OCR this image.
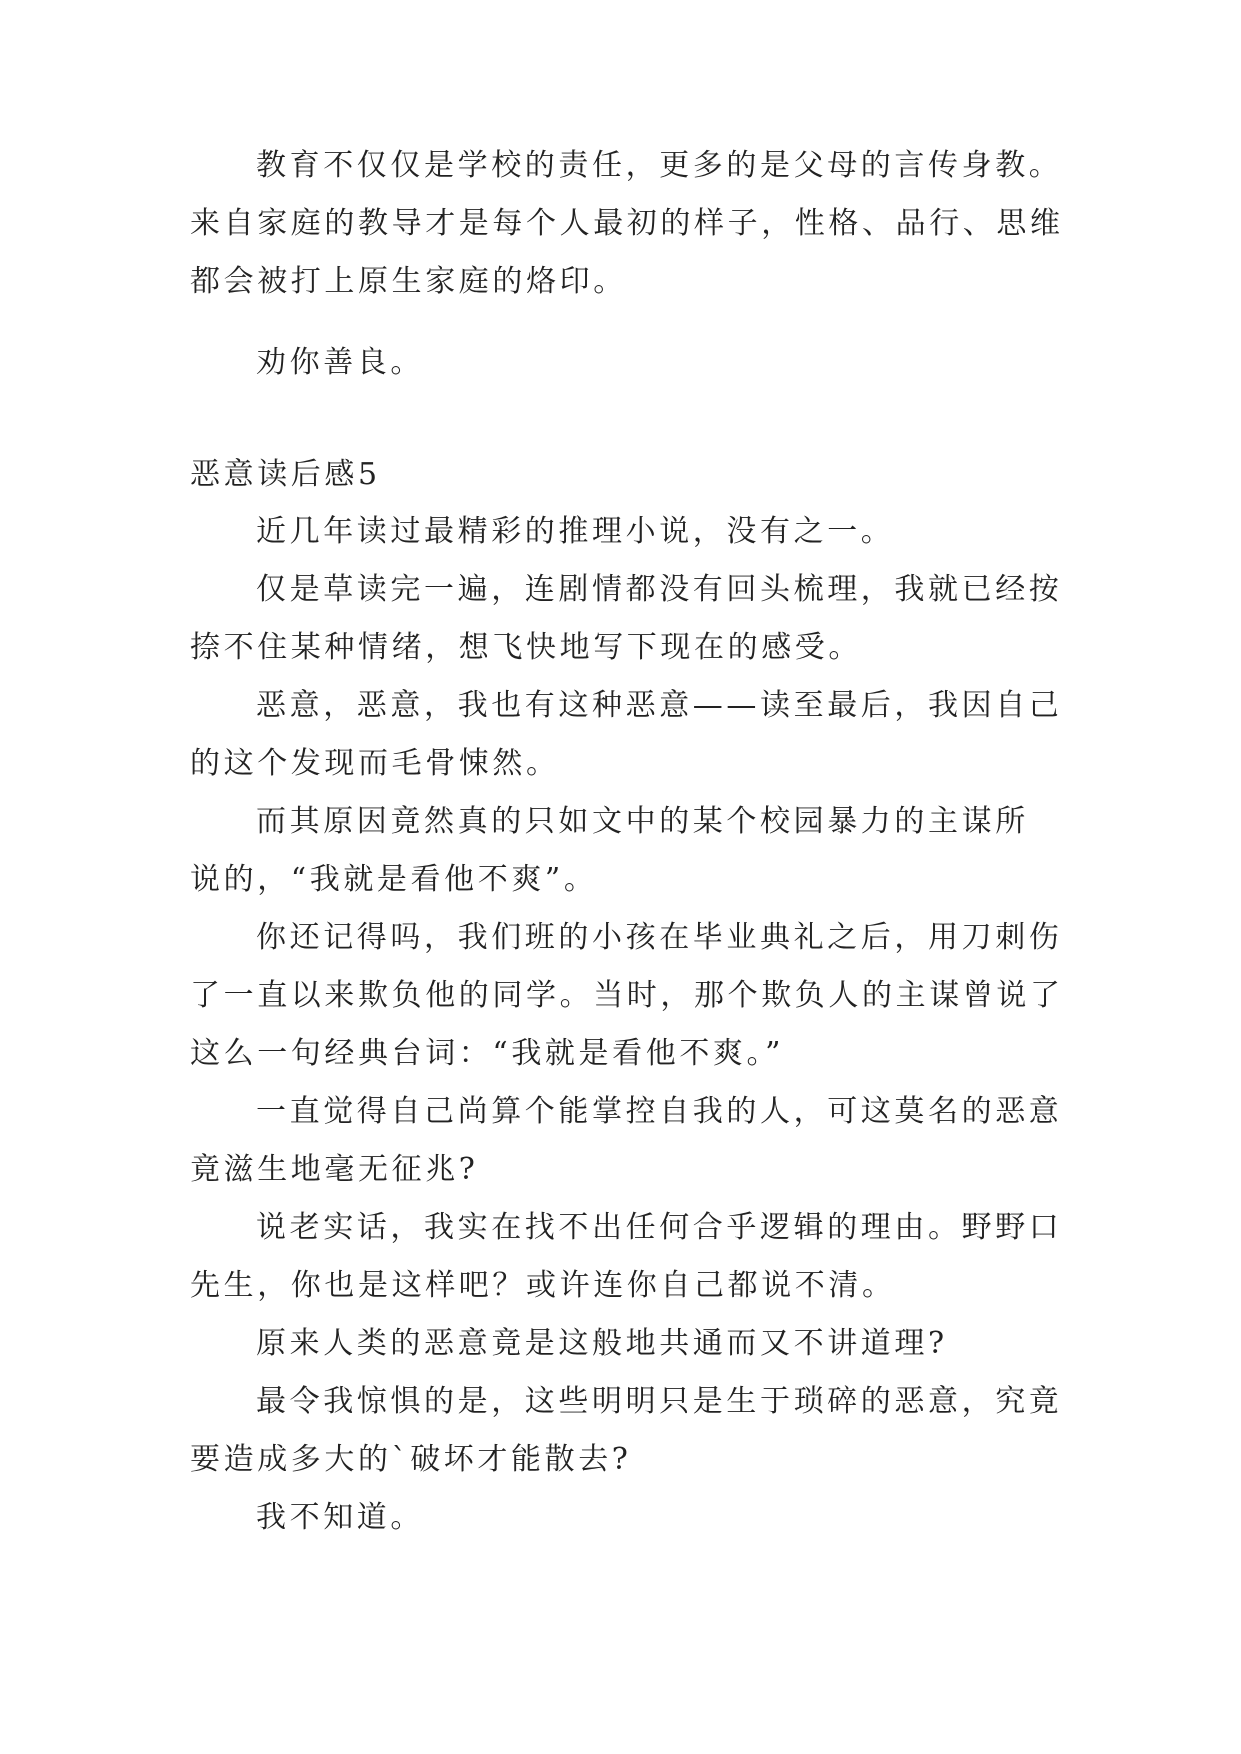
教育不仅仅是学校的责任，更多的是父母的言传身教。
来自家庭的教导才是每个人最初的样子，性格、品行、思维
都会被打上原生家庭的烙印。
劝你善良。
恶意读后感5
近几年读过最精彩的推理小说，没有之一。
仅是草读完一遍，连剧情都没有回头梳理，我就已经按
捺不住某种情绪，想飞快地写下现在的感受。
恶意，恶意，我也有这种恶意——读至最后，我因自己
的这个发现而毛骨悚然。
而其原因竟然真的只如文中的某个校园暴力的主谋所
说的，“我就是看他不爽”。
你还记得吗，我们班的小孩在毕业典礼之后，用刀刺伤
了一直以来欺负他的同学。当时，那个欺负人的主谋曾说了
这么一句经典台词：“我就是看他不爽。”
一直觉得自己尚算个能掌控自我的人，可这莫名的恶意
竟滋生地毫无征兆?
说老实话，我实在找不出任何合乎逻辑的理由。野野口
先生，你也是这样吧？或许连你自己都说不清。
原来人类的恶意竟是这般地共通而又不讲道理?
最令我惊惧的是，这些明明只是生于琐碎的恶意，究竟
要造成多大的`破坏才能散去?
我不知道。
